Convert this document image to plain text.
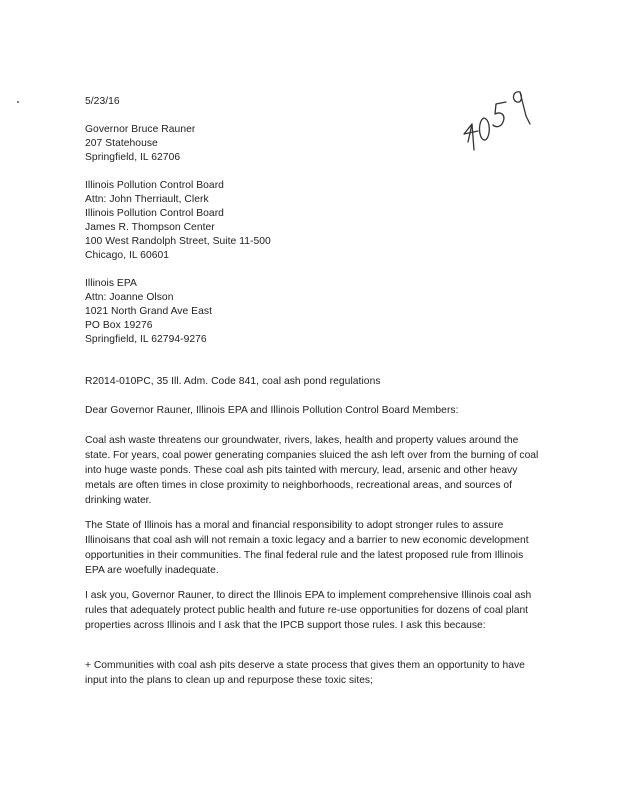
5/23/16
Governor Bruce Rauner
207 Statehouse
Springfield, IL 62706
Illinois Pollution Control Board
Attn: John Therriault, Clerk
Illinois Pollution Control Board
James R. Thompson Center
100 West Randolph Street, Suite 11-500
Chicago, IL 60601
Illinois EPA
Attn: Joanne Olson
1021 North Grand Ave East
PO Box 19276
Springfield, IL 62794-9276
R2014-010PC, 35 Ill. Adm. Code 841, coal ash pond regulations
Dear Governor Rauner, Illinois EPA and Illinois Pollution Control Board Members:
Coal ash waste threatens our groundwater, rivers, lakes, health and property values around the state. For years, coal power generating companies sluiced the ash left over from the burning of coal into huge waste ponds. These coal ash pits tainted with mercury, lead, arsenic and other heavy metals are often times in close proximity to neighborhoods, recreational areas, and sources of drinking water.
The State of Illinois has a moral and financial responsibility to adopt stronger rules to assure Illinoisans that coal ash will not remain a toxic legacy and a barrier to new economic development opportunities in their communities. The final federal rule and the latest proposed rule from Illinois EPA are woefully inadequate.
I ask you, Governor Rauner, to direct the Illinois EPA to implement comprehensive Illinois coal ash rules that adequately protect public health and future re-use opportunities for dozens of coal plant properties across Illinois and I ask that the IPCB support those rules. I ask this because:
+ Communities with coal ash pits deserve a state process that gives them an opportunity to have input into the plans to clean up and repurpose these toxic sites;
